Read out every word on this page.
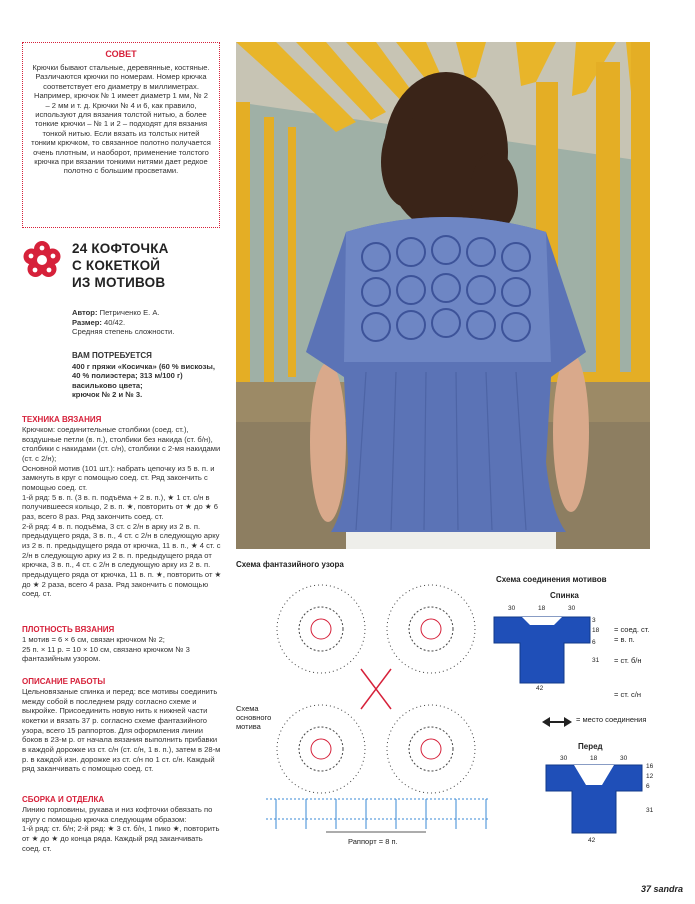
СОВЕТ
Крючки бывают стальные, деревянные, костяные. Различаются крючки по номерам. Номер крючка соответствует его диаметру в миллиметрах. Например, крючок № 1 имеет диаметр 1 мм, № 2 – 2 мм и т. д. Крючки № 4 и 6, как правило, используют для вязания толстой нитью, а более тонкие крючки – № 1 и 2 – подходят для вязания тонкой нитью. Если вязать из толстых нитей тонким крючком, то связанное полотно получается очень плотным, и наоборот, применение толстого крючка при вязании тонкими нитями дает редкое полотно с большим просветами.
24 КОФТОЧКА
С КОКЕТКОЙ
ИЗ МОТИВОВ
Автор: Петриченко Е. А.
Размер: 40/42.
Средняя степень сложности.
ВАМ ПОТРЕБУЕТСЯ
400 г пряжи «Косичка» (60 % вискозы, 40 % полиэстера; 313 м/100 г) васильково цвета;
крючок № 2 и № 3.
ТЕХНИКА ВЯЗАНИЯ

Крючком: соединительные столбики (соед. ст.), воздушные петли (в. п.), столбики без накида (ст. б/н), столбики с накидами (ст. с/н), столбики с 2-мя накидами (ст. с 2/н);

Основной мотив (101 шт.): набрать цепочку из 5 в. п. и замкнуть в круг с помощью соед. ст. Ряд закончить с помощью соед. ст.

1-й ряд: 5 в. п. (3 в. п. подъёма + 2 в. п.), ★ 1 ст. с/н в получившееся кольцо, 2 в. п. ★, повторить от ★ до ★ 6 раз, всего 8 раз. Ряд закончить соед. ст.

2-й ряд: 4 в. п. подъёма, 3 ст. с 2/н в арку из 2 в. п. предыдущего ряда, 3 в. п., 4 ст. с 2/н в следующую арку из 2 в. п. предыдущего ряда от крючка, 11 в. п., ★ 4 ст. с 2/н в следующую арку из 2 в. п. предыдущего ряда от крючка, 3 в. п., 4 ст. с 2/н в следующую арку из 2 в. п. предыдущего ряда от крючка, 11 в. п. ★, повторить от ★ до ★ 2 раза, всего 4 раза. Ряд закончить с помощью соед. ст.

ПЛОТНОСТЬ ВЯЗАНИЯ

1 мотив = 6 × 6 см, связан крючком № 2;

25 п. × 11 р. = 10 × 10 см, связано крючком № 3 фантазийным узором.

ОПИСАНИЕ РАБОТЫ

Цельновязаные спинка и перед: все мотивы соединить между собой в последнем ряду согласно схеме и выкройке. Присоединить новую нить к нижней части кокетки и вязать 37 р. согласно схеме фантазийного узора, всего 15 раппортов. Для оформления линии боков в 23-м р. от начала вязания выполнить прибавки в каждой дорожке из ст. с/н (ст. с/н, 1 в. п.), затем в 28-м р. в каждой изн. дорожке из ст. с/н по 1 ст. с/н. Каждый ряд заканчивать с помощью соед. ст.

СБОРКА И ОТДЕЛКА

Линию горловины, рукава и низ кофточки обвязать по кругу с помощью крючка следующим образом:

1-й ряд: ст. б/н; 2-й ряд: ★ 3 ст. б/н, 1 пико ★, повторить от ★ до ★ до конца ряда. Каждый ряд заканчивать соед. ст.

Схема фантазийного узора
Схема основного мотива
Раппорт = 8 п.
Схема соединения мотивов
Спинка
30	18	30
42
3
18
6
31
= соед. ст.
= в. п.
= ст. б/н
= ст. с/н
= место соединения
Перед
30	18	30
42
16
12
6
31
37 sandra
